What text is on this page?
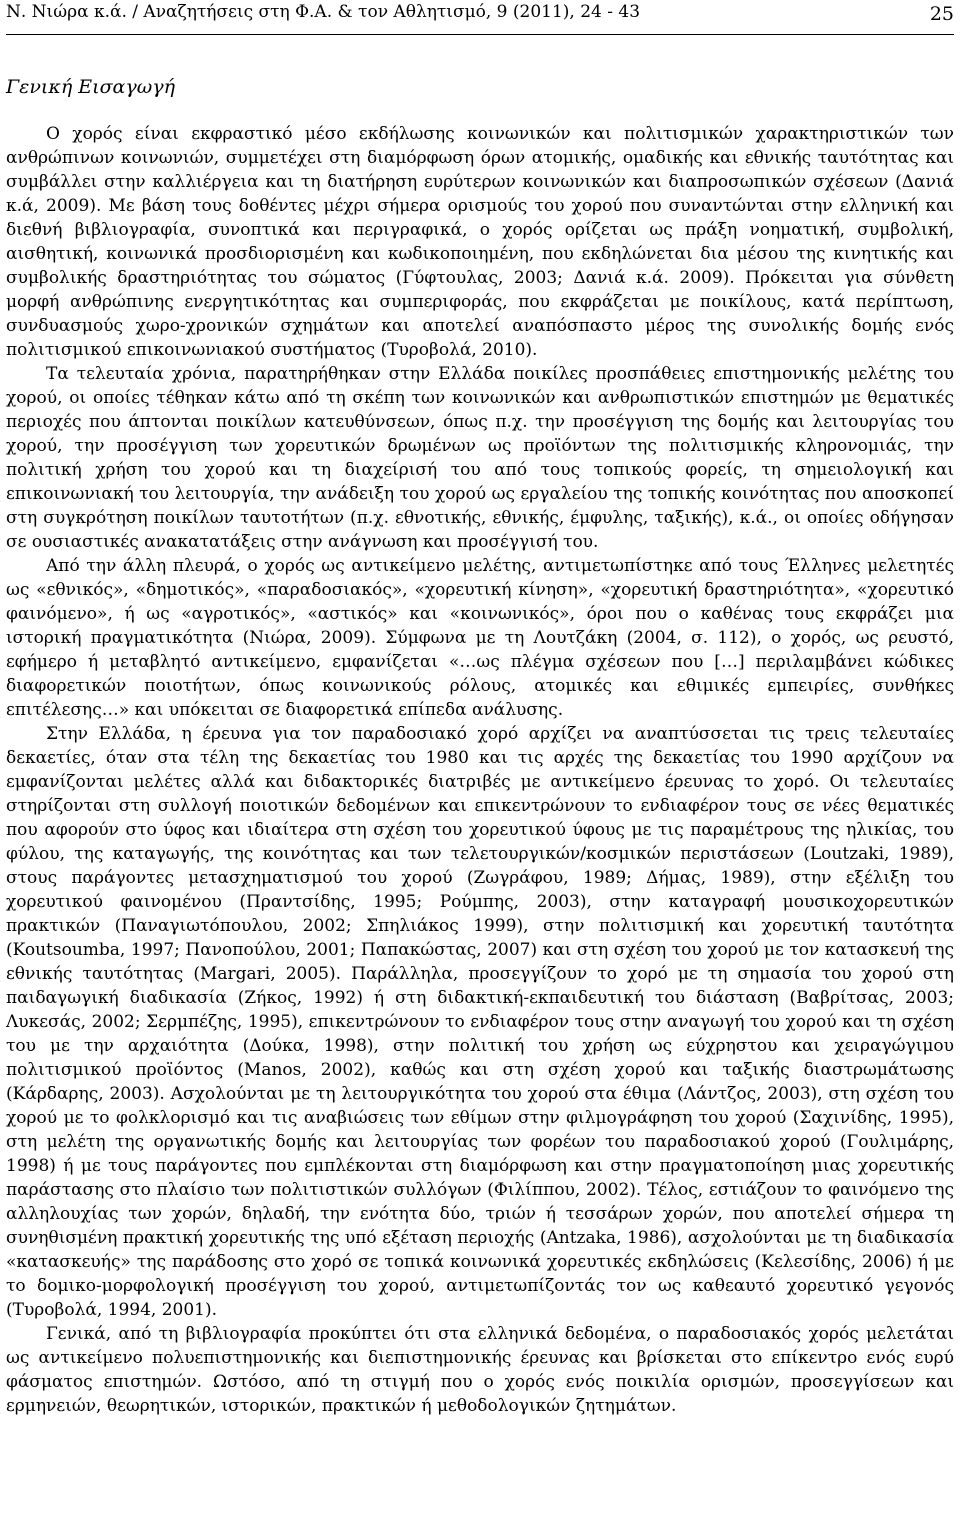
Ν. Νιώρα κ.ά. / Αναζητήσεις στη Φ.Α. & τον Αθλητισμό, 9 (2011), 24 - 43	25
Γενική Εισαγωγή

Ο χορός είναι εκφραστικό μέσο εκδήλωσης κοινωνικών και πολιτισμικών χαρακτηριστικών των ανθρώπινων κοινωνιών, συμμετέχει στη διαμόρφωση όρων ατομικής, ομαδικής και εθνικής ταυτότητας και συμβάλλει στην καλλιέργεια και τη διατήρηση ευρύτερων κοινωνικών και διαπροσωπικών σχέσεων (Δανιά κ.ά, 2009). Με βάση τους δοθέντες μέχρι σήμερα ορισμούς του χορού που συναντώνται στην ελληνική και διεθνή βιβλιογραφία, συνοπτικά και περιγραφικά, ο χορός ορίζεται ως πράξη νοηματική, συμβολική, αισθητική, κοινωνικά προσδιορισμένη και κωδικοποιημένη, που εκδηλώνεται δια μέσου της κινητικής και συμβολικής δραστηριότητας του σώματος (Γύφτουλας, 2003; Δανιά κ.ά. 2009). Πρόκειται για σύνθετη μορφή ανθρώπινης ενεργητικότητας και συμπεριφοράς, που εκφράζεται με ποικίλους, κατά περίπτωση, συνδυασμούς χωρο-χρονικών σχημάτων και αποτελεί αναπόσπαστο μέρος της συνολικής δομής ενός πολιτισμικού επικοινωνιακού συστήματος (Τυροβολά, 2010).

Τα τελευταία χρόνια, παρατηρήθηκαν στην Ελλάδα ποικίλες προσπάθειες επιστημονικής μελέτης του χορού, οι οποίες τέθηκαν κάτω από τη σκέπη των κοινωνικών και ανθρωπιστικών επιστημών με θεματικές περιοχές που άπτονται ποικίλων κατευθύνσεων, όπως π.χ. την προσέγγιση της δομής και λειτουργίας του χορού, την προσέγγιση των χορευτικών δρωμένων ως προϊόντων της πολιτισμικής κληρονομιάς, την πολιτική χρήση του χορού και τη διαχείρισή του από τους τοπικούς φορείς, τη σημειολογική και επικοινωνιακή του λειτουργία, την ανάδειξη του χορού ως εργαλείου της τοπικής κοινότητας που αποσκοπεί στη συγκρότηση ποικίλων ταυτοτήτων (π.χ. εθνοτικής, εθνικής, έμφυλης, ταξικής), κ.ά., οι οποίες οδήγησαν σε ουσιαστικές ανακατατάξεις στην ανάγνωση και προσέγγισή του.

Από την άλλη πλευρά, ο χορός ως αντικείμενο μελέτης, αντιμετωπίστηκε από τους Έλληνες μελετητές ως «εθνικός», «δημοτικός», «παραδοσιακός», «χορευτική κίνηση», «χορευτική δραστηριότητα», «χορευτικό φαινόμενο», ή ως «αγροτικός», «αστικός» και «κοινωνικός», όροι που ο καθένας τους εκφράζει μια ιστορική πραγματικότητα (Νιώρα, 2009). Σύμφωνα με τη Λουτζάκη (2004, σ. 112), ο χορός, ως ρευστό, εφήμερο ή μεταβλητό αντικείμενο, εμφανίζεται «…ως πλέγμα σχέσεων που […] περιλαμβάνει κώδικες διαφορετικών ποιοτήτων, όπως κοινωνικούς ρόλους, ατομικές και εθιμικές εμπειρίες, συνθήκες επιτέλεσης…» και υπόκειται σε διαφορετικά επίπεδα ανάλυσης.

Στην Ελλάδα, η έρευνα για τον παραδοσιακό χορό αρχίζει να αναπτύσσεται τις τρεις τελευταίες δεκαετίες, όταν στα τέλη της δεκαετίας του 1980 και τις αρχές της δεκαετίας του 1990 αρχίζουν να εμφανίζονται μελέτες αλλά και διδακτορικές διατριβές με αντικείμενο έρευνας το χορό. Οι τελευταίες στηρίζονται στη συλλογή ποιοτικών δεδομένων και επικεντρώνουν το ενδιαφέρον τους σε νέες θεματικές που αφορούν στο ύφος και ιδιαίτερα στη σχέση του χορευτικού ύφους με τις παραμέτρους της ηλικίας, του φύλου, της καταγωγής, της κοινότητας και των τελετουργικών/κοσμικών περιστάσεων (Loutzaki, 1989), στους παράγοντες μετασχηματισμού του χορού (Ζωγράφου, 1989; Δήμας, 1989), στην εξέλιξη του χορευτικού φαινομένου (Πραντσίδης, 1995; Ρούμπης, 2003), στην καταγραφή μουσικοχορευτικών πρακτικών (Παναγιωτόπουλου, 2002; Σπηλιάκος 1999), στην πολιτισμική και χορευτική ταυτότητα (Koutsoumba, 1997; Πανοπούλου, 2001; Παπακώστας, 2007) και στη σχέση του χορού με τον κατασκευή της εθνικής ταυτότητας (Margari, 2005). Παράλληλα, προσεγγίζουν το χορό με τη σημασία του χορού στη παιδαγωγική διαδικασία (Ζήκος, 1992) ή στη διδακτική-εκπαιδευτική του διάσταση (Βαβρίτσας, 2003; Λυκεσάς, 2002; Σερμπέζης, 1995), επικεντρώνουν το ενδιαφέρον τους στην αναγωγή του χορού και τη σχέση του με την αρχαιότητα (Δούκα, 1998), στην πολιτική του χρήση ως εύχρηστου και χειραγώγιμου πολιτισμικού προϊόντος (Manos, 2002), καθώς και στη σχέση χορού και ταξικής διαστρωμάτωσης (Κάρδαρης, 2003). Ασχολούνται με τη λειτουργικότητα του χορού στα έθιμα (Λάντζος, 2003), στη σχέση του χορού με το φολκλορισμό και τις αναβιώσεις των εθίμων στην φιλμογράφηση του χορού (Σαχινίδης, 1995), στη μελέτη της οργανωτικής δομής και λειτουργίας των φορέων του παραδοσιακού χορού (Γουλιμάρης, 1998) ή με τους παράγοντες που εμπλέκονται στη διαμόρφωση και στην πραγματοποίηση μιας χορευτικής παράστασης στο πλαίσιο των πολιτιστικών συλλόγων (Φιλίππου, 2002). Τέλος, εστιάζουν το φαινόμενο της αλληλουχίας των χορών, δηλαδή, την ενότητα δύο, τριών ή τεσσάρων χορών, που αποτελεί σήμερα τη συνηθισμένη πρακτική χορευτικής της υπό εξέταση περιοχής (Antzaka, 1986), ασχολούνται με τη διαδικασία «κατασκευής» της παράδοσης στο χορό σε τοπικά κοινωνικά χορευτικές εκδηλώσεις (Κελεσίδης, 2006) ή με το δομικο-μορφολογική προσέγγιση του χορού, αντιμετωπίζοντάς τον ως καθεαυτό χορευτικό γεγονός (Τυροβολά, 1994, 2001).

Γενικά, από τη βιβλιογραφία προκύπτει ότι στα ελληνικά δεδομένα, ο παραδοσιακός χορός μελετάται ως αντικείμενο πολυεπιστημονικής και διεπιστημονικής έρευνας και βρίσκεται στο επίκεντρο ενός ευρύ φάσματος επιστημών. Ωστόσο, από τη στιγμή που ο χορός ενός ποικιλία ορισμών, προσεγγίσεων και ερμηνειών, θεωρητικών, ιστορικών, πρακτικών ή μεθοδολογικών ζητημάτων.
